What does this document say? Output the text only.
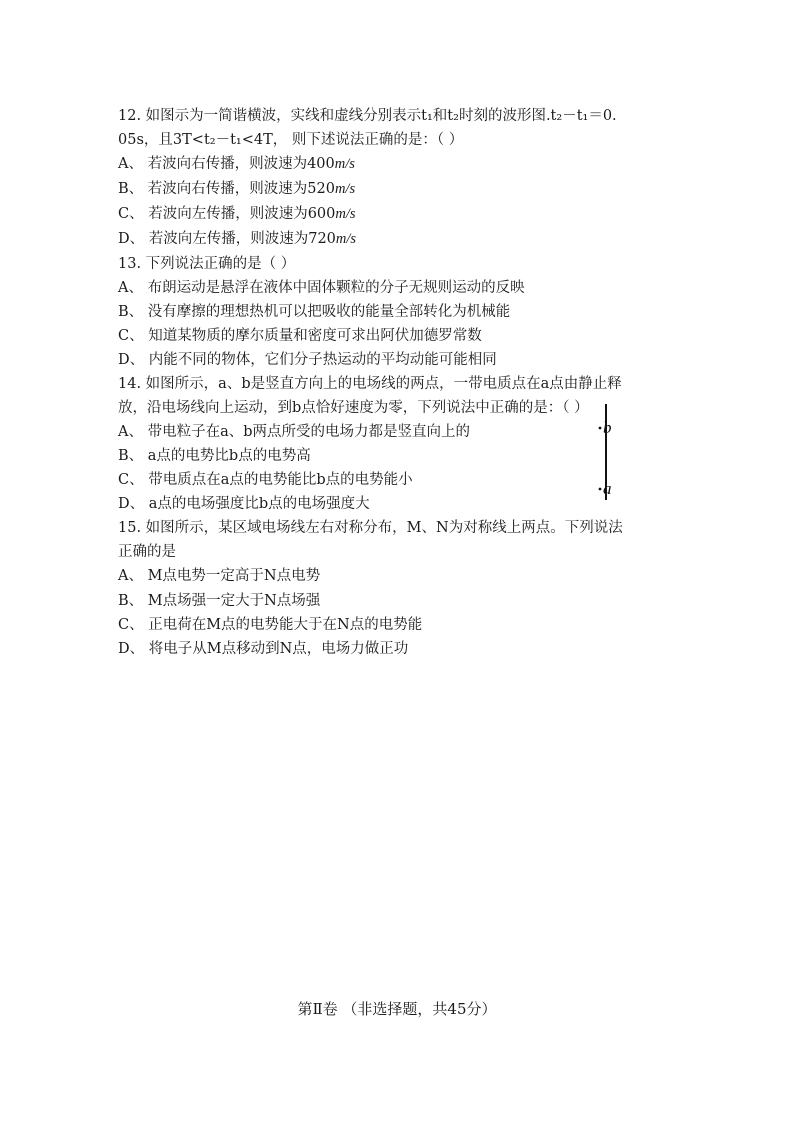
12. 如图示为一简谐横波，实线和虚线分别表示t₁和t₂时刻的波形图.t₂－t₁＝0.
05s，且3T<t₂－t₁<4T， 则下述说法正确的是：（ ）
A、 若波向右传播，则波速为400m/s
B、 若波向右传播，则波速为520m/s
C、 若波向左传播，则波速为600m/s
D、 若波向左传播，则波速为720m/s
13. 下列说法正确的是（ ）
A、 布朗运动是悬浮在液体中固体颗粒的分子无规则运动的反映
B、 没有摩擦的理想热机可以把吸收的能量全部转化为机械能
C、 知道某物质的摩尔质量和密度可求出阿伏加德罗常数
D、 内能不同的物体，它们分子热运动的平均动能可能相同
14. 如图所示，a、b是竖直方向上的电场线的两点，一带电质点在a点由静止释
放，沿电场线向上运动，到b点恰好速度为零，下列说法中正确的是：（ ）
A、 带电粒子在a、b两点所受的电场力都是竖直向上的
B、 a点的电势比b点的电势高
C、 带电质点在a点的电势能比b点的电势能小
D、 a点的电场强度比b点的电场强度大
b
a
15. 如图所示，某区域电场线左右对称分布，M、N为对称线上两点。下列说法
正确的是
A、 M点电势一定高于N点电势
B、 M点场强一定大于N点场强
C、 正电荷在M点的电势能大于在N点的电势能
D、 将电子从M点移动到N点，电场力做正功
第Ⅱ卷 （非选择题，共45分）
